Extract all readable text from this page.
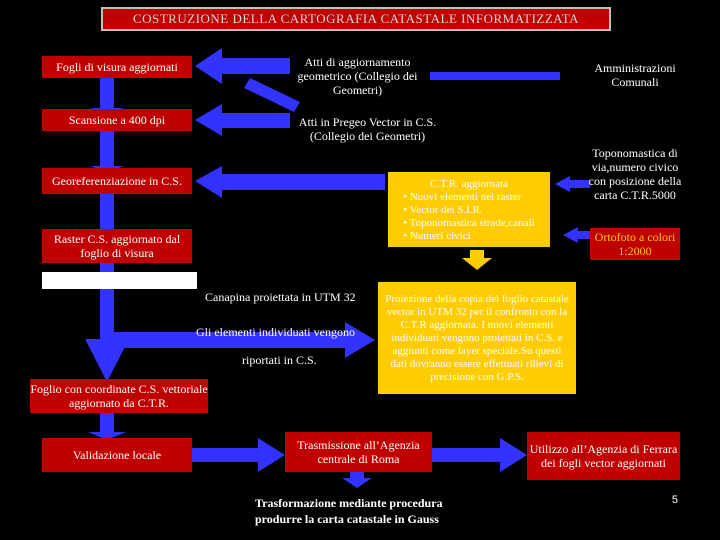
COSTRUZIONE DELLA CARTOGRAFIA CATASTALE INFORMATIZZATA
Fogli di visura aggiornati
Scansione a 400 dpi
Georeferenziazione in C.S.
Raster C.S. aggiornato dal foglio di visura
Foglio con coordinate C.S. vettoriale aggiornato da C.T.R.
Validazione locale
Atti di aggiornamento geometrico (Collegio dei Geometri)
Atti in Pregeo Vector in C.S. (Collegio dei Geometri)
C.T.R. aggiornata
• Nuovi elementi nel raster
• Vector dei S.I.R.
• Toponomastica strade,canali
• Numeri civici
Proiezione della copia del foglio catastale vector in UTM 32 per il confronto con la C.T.R aggiornata. I nuovi elementi individuati vengono proiettati in C.S. e aggiunti come layer speciale.Su questi dati dovranno essere effettuati rilievi di precisione con G.P.S.
Canapina proiettata in UTM 32
Gli elementi individuati vengono
riportati in C.S.
Amministrazioni Comunali
Toponomastica di via,numero civico con posizione della carta C.T.R.5000
Ortofoto a colori 1:2000
Trasmissione all’Agenzia centrale di Roma
Utilizzo all’Agenzia di Ferrara dei fogli vector aggiornati
Trasformazione mediante procedura
produrre la carta catastale in Gauss
5
